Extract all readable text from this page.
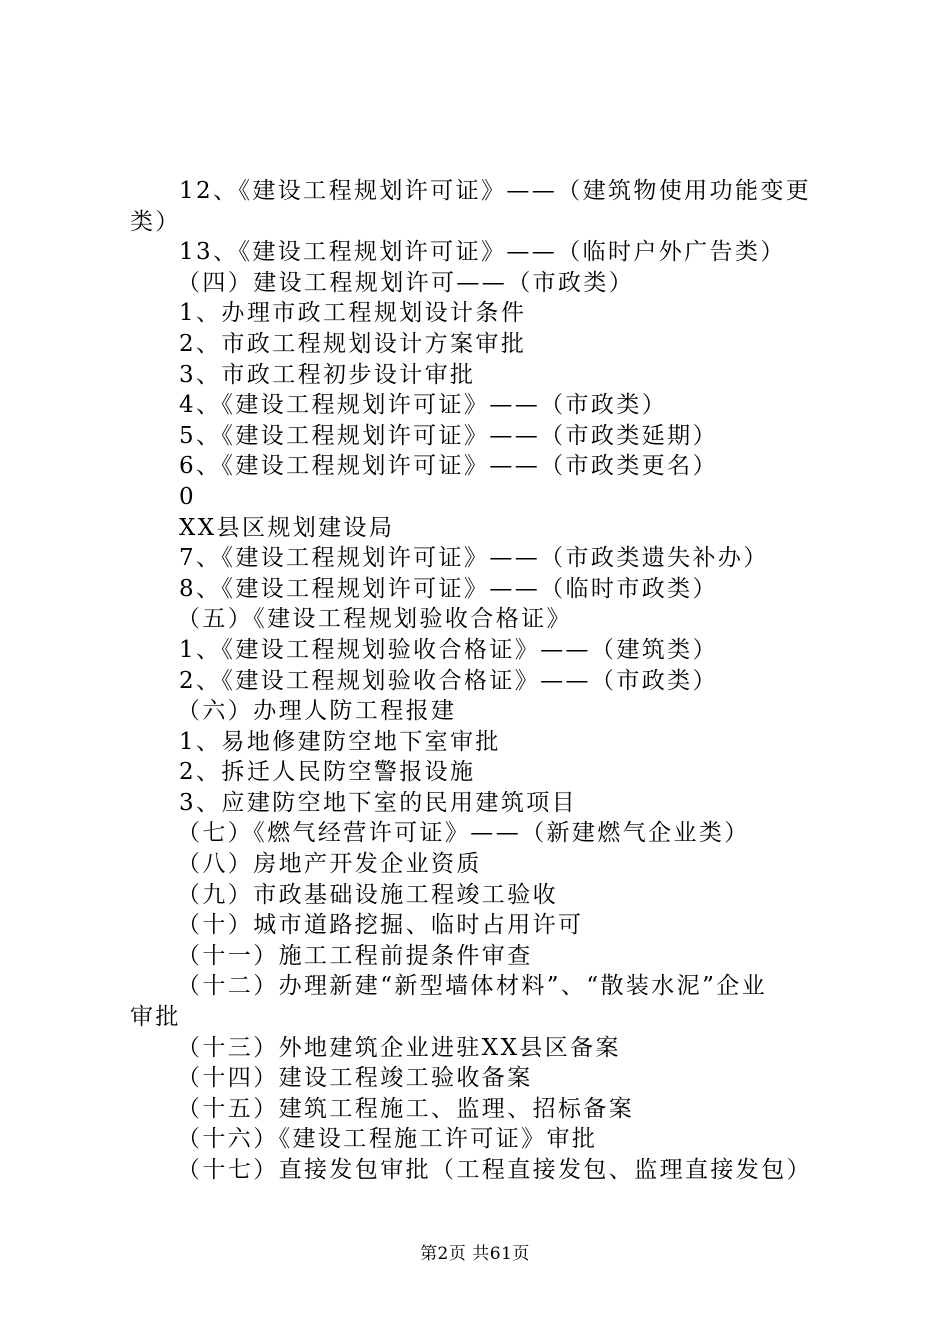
12、《建设工程规划许可证》——（建筑物使用功能变更
类）
13、《建设工程规划许可证》——（临时户外广告类）
（四）建设工程规划许可——（市政类）
1、办理市政工程规划设计条件
2、市政工程规划设计方案审批
3、市政工程初步设计审批
4、《建设工程规划许可证》——（市政类）
5、《建设工程规划许可证》——（市政类延期）
6、《建设工程规划许可证》——（市政类更名）
0
XX县区规划建设局
7、《建设工程规划许可证》——（市政类遗失补办）
8、《建设工程规划许可证》——（临时市政类）
（五）《建设工程规划验收合格证》
1、《建设工程规划验收合格证》——（建筑类）
2、《建设工程规划验收合格证》——（市政类）
（六）办理人防工程报建
1、易地修建防空地下室审批
2、拆迁人民防空警报设施
3、应建防空地下室的民用建筑项目
（七）《燃气经营许可证》——（新建燃气企业类）
（八）房地产开发企业资质
（九）市政基础设施工程竣工验收
（十）城市道路挖掘、临时占用许可
（十一）施工工程前提条件审查
（十二）办理新建“新型墙体材料”、“散装水泥”企业
审批
（十三）外地建筑企业进驻XX县区备案
（十四）建设工程竣工验收备案
（十五）建筑工程施工、监理、招标备案
（十六）《建设工程施工许可证》审批
（十七）直接发包审批（工程直接发包、监理直接发包）
第2页 共61页
